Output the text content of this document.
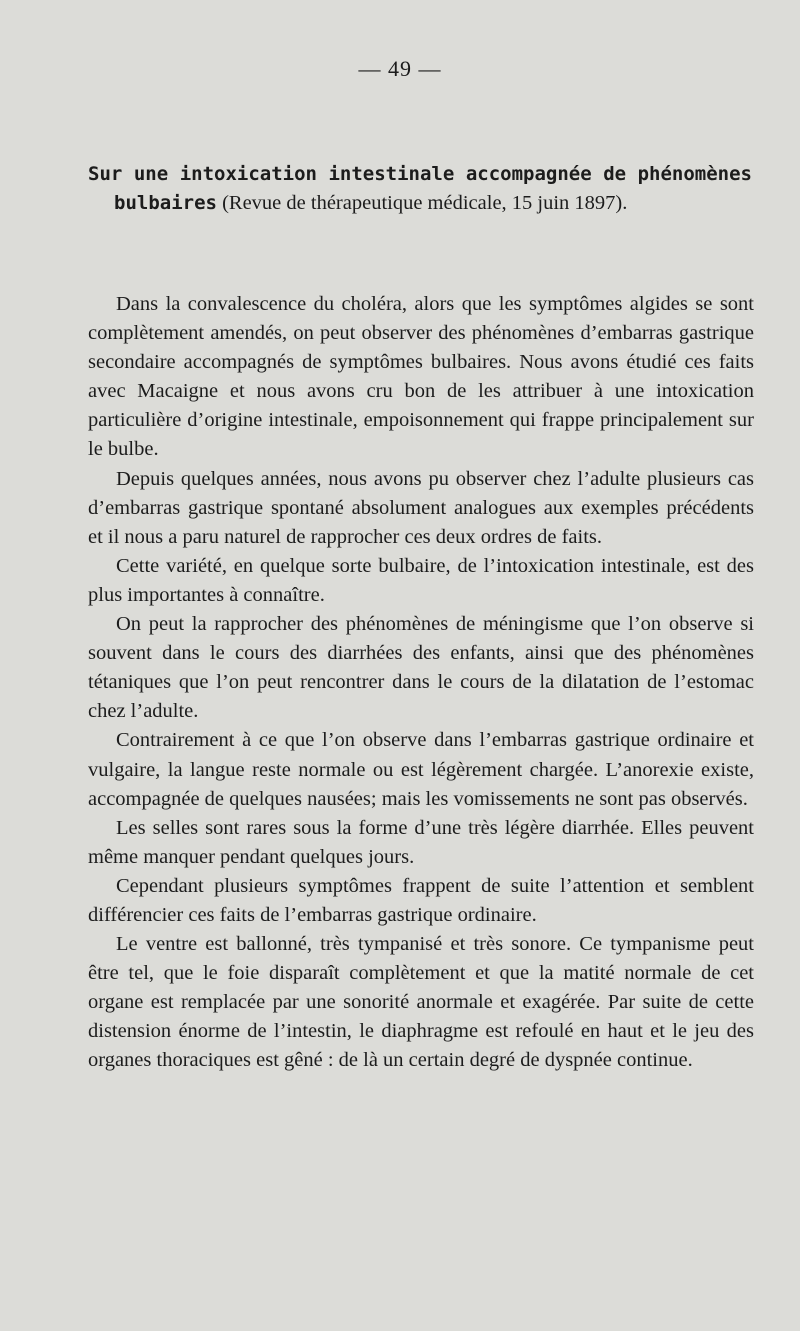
— 49 —

Sur une intoxication intestinale accompagnée de phénomènes bulbaires (Revue de thérapeutique médicale, 15 juin 1897).

Dans la convalescence du choléra, alors que les symptômes algides se sont complètement amendés, on peut observer des phénomènes d’embarras gastrique secondaire accompagnés de symptômes bulbaires. Nous avons étudié ces faits avec Macaigne et nous avons cru bon de les attribuer à une intoxication particulière d’origine intestinale, empoisonnement qui frappe principalement sur le bulbe.

Depuis quelques années, nous avons pu observer chez l’adulte plusieurs cas d’embarras gastrique spontané absolument analogues aux exemples précédents et il nous a paru naturel de rapprocher ces deux ordres de faits.

Cette variété, en quelque sorte bulbaire, de l’intoxication intestinale, est des plus importantes à connaître.

On peut la rapprocher des phénomènes de méningisme que l’on observe si souvent dans le cours des diarrhées des enfants, ainsi que des phénomènes tétaniques que l’on peut rencontrer dans le cours de la dilatation de l’estomac chez l’adulte.

Contrairement à ce que l’on observe dans l’embarras gastrique ordinaire et vulgaire, la langue reste normale ou est légèrement chargée. L’anorexie existe, accompagnée de quelques nausées; mais les vomissements ne sont pas observés.

Les selles sont rares sous la forme d’une très légère diarrhée. Elles peuvent même manquer pendant quelques jours.

Cependant plusieurs symptômes frappent de suite l’attention et semblent différencier ces faits de l’embarras gastrique ordinaire.

Le ventre est ballonné, très tympanisé et très sonore. Ce tympanisme peut être tel, que le foie disparaît complètement et que la matité normale de cet organe est remplacée par une sonorité anormale et exagérée. Par suite de cette distension énorme de l’intestin, le diaphragme est refoulé en haut et le jeu des organes thoraciques est gêné : de là un certain degré de dyspnée continue.
